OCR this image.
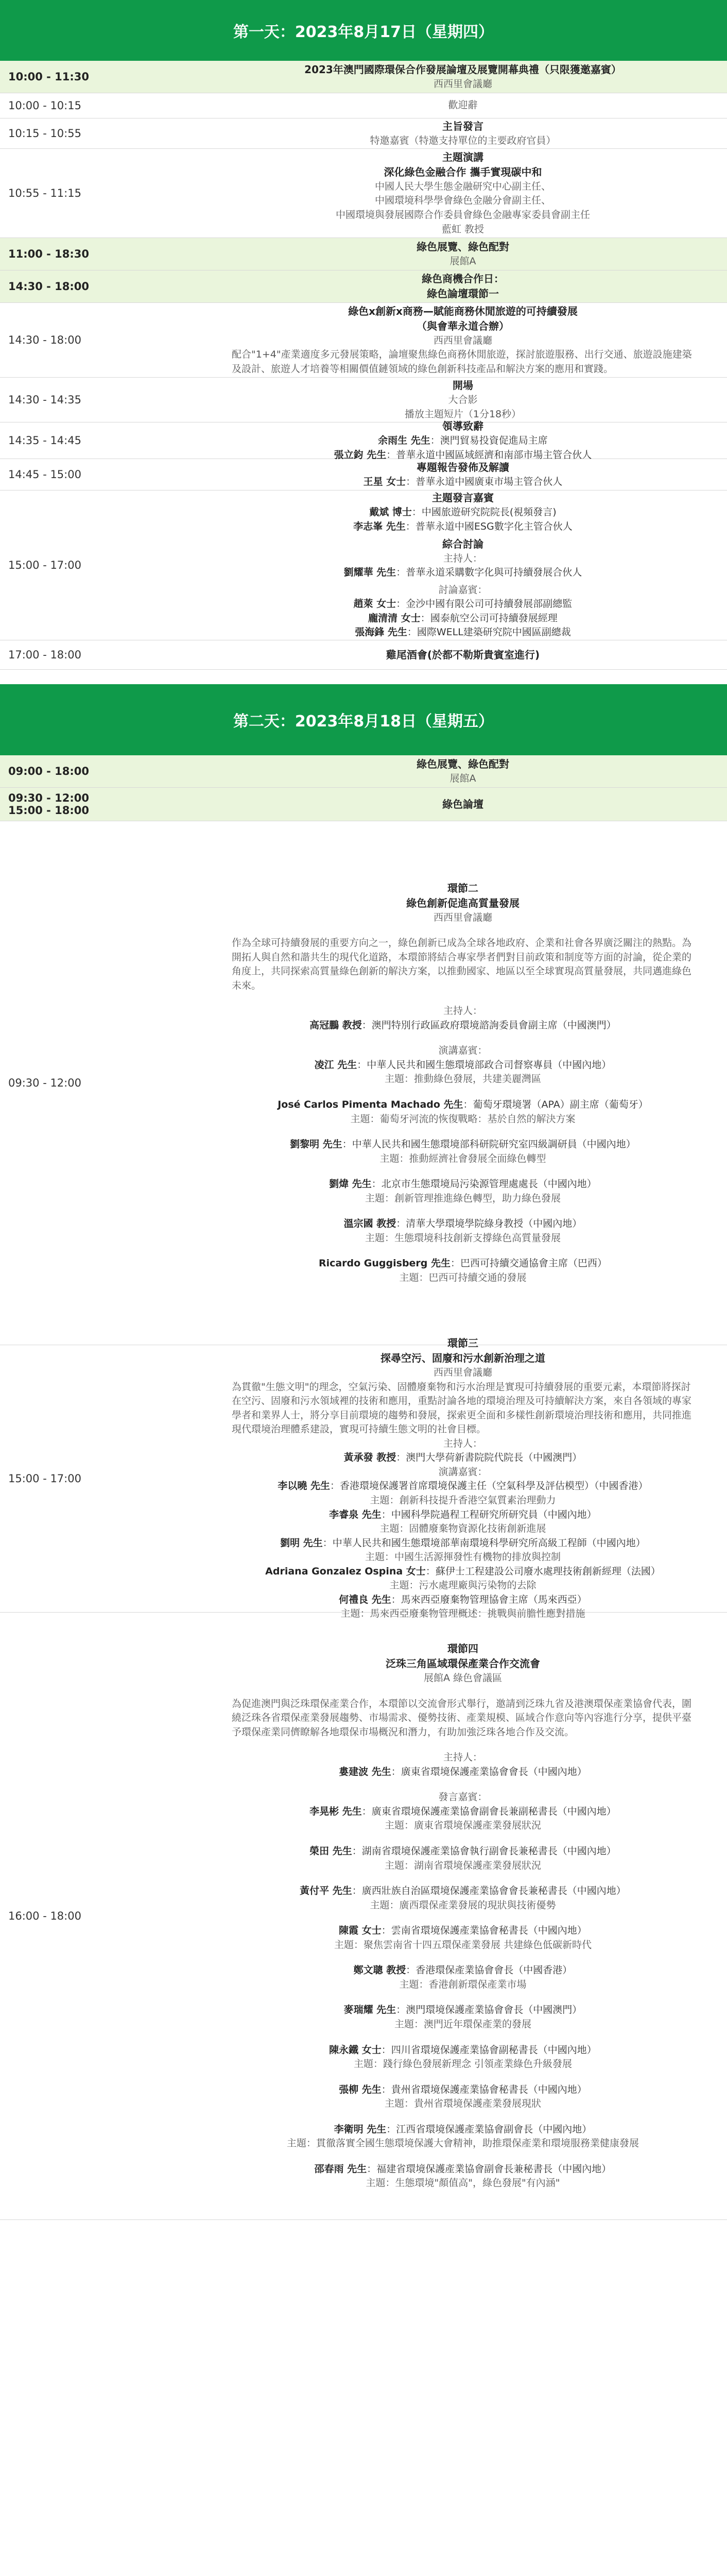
第一天：2023年8月17日（星期四）
10:00 - 11:30
2023年澳門國際環保合作發展論壇及展覽開幕典禮（只限獲邀嘉賓）
西西里會議廳
10:00 - 10:15	歡迎辭
10:15 - 10:55
主旨發言
特邀嘉賓（特邀支持單位的主要政府官員）
10:55 - 11:15
主題演講
深化綠色金融合作 攜手實現碳中和
中國人民大學生態金融研究中心副主任、
中國環境科學學會綠色金融分會副主任、
中國環境與發展國際合作委員會綠色金融專家委員會副主任
藍虹 教授
11:00 - 18:30
綠色展覽、綠色配對
展館A
14:30 - 18:00
綠色商機合作日：
綠色論壇環節一
14:30 - 18:00
綠色x創新x商務—賦能商務休閒旅遊的可持續發展
（與會華永道合辦）
西西里會議廳
配合"1+4"產業適度多元發展策略，論壇聚焦綠色商務休閒旅遊，探討旅遊服務、出行交通、旅遊設施建築及設計、旅遊人才培養等相關價值鏈領域的綠色創新科技產品和解決方案的應用和實踐。
14:30 - 14:35
開場
大合影
播放主題短片（1分18秒）
14:35 - 14:45
領導致辭
余雨生 先生：澳門貿易投資促進局主席
張立鈞 先生：普華永道中國區域經濟和南部市場主管合伙人
14:45 - 15:00
專題報告發佈及解讀
王星 女士：普華永道中國廣東市場主管合伙人
15:00 - 17:00
主題發言嘉賓
戴斌 博士：中國旅遊研究院院長(視頻發言)
李志峯 先生：普華永道中國ESG數字化主管合伙人
綜合討論
主持人：
劉耀華 先生：普華永道采購數字化與可持續發展合伙人
討論嘉賓：
趙萊 女士：金沙中國有限公司可持續發展部副總監
龐清清 女士：國泰航空公司可持續發展經理
張海鋒 先生：國際WELL建築研究院中國區副總裁
17:00 - 18:00	雞尾酒會(於都不勒斯貴賓室進行)
第二天：2023年8月18日（星期五）
09:00 - 18:00
綠色展覽、綠色配對
展館A
09:30 - 12:00
15:00 - 18:00
綠色論壇
09:30 - 12:00
環節二
綠色創新促進高質量發展
西西里會議廳
作為全球可持續發展的重要方向之一，綠色創新已成為全球各地政府、企業和社會各界廣泛關注的熱點。為開拓人與自然和諧共生的現代化道路，本環節將結合專家學者們對目前政策和制度等方面的討論，從企業的角度上，共同探索高質量綠色創新的解決方案，以推動國家、地區以至全球實現高質量發展，共同邁進綠色未來。
主持人：
高冠鵬 教授：澳門特別行政區政府環境諮詢委員會副主席（中國澳門）
演講嘉賓：
凌江 先生：中華人民共和國生態環境部政合司督察專員（中國內地）
主題：推動綠色發展，共建美麗灣區
José Carlos Pimenta Machado 先生：葡萄牙環境署（APA）副主席（葡萄牙）
主題：葡萄牙河流的恢復戰略：基於自然的解決方案
劉黎明 先生：中華人民共和國生態環境部科研院研究室四級調研員（中國內地）
主題：推動經濟社會發展全面綠色轉型
劉煒 先生：北京市生態環境局污染源管理處處長（中國內地）
主題：創新管理推進綠色轉型，助力綠色發展
溫宗國 教授：清華大學環境學院綠身教授（中國內地）
主題：生態環境科技創新支撐綠色高質量發展
Ricardo Guggisberg 先生：巴西可持續交通協會主席（巴西）
主題：巴西可持續交通的發展
15:00 - 17:00
環節三
探尋空污、固廢和污水創新治理之道
西西里會議廳
為貫徹"生態文明"的理念，空氣污染、固體廢棄物和污水治理是實現可持續發展的重要元素，本環節將探討在空污、固廢和污水領域裡的技術和應用，重點討論各地的環境治理及可持續解決方案，來自各領域的專家學者和業界人士，將分享目前環境的趨勢和發展，探索更全面和多樣性創新環境治理技術和應用，共同推進現代環境治理體系建設，實現可持續生態文明的社會目標。
主持人：
黃承發 教授：澳門大學荷新書院院代院長（中國澳門）
演講嘉賓：
李以曉 先生：香港環境保護署首席環境保護主任（空氣科學及評估模型）（中國香港）
主題：創新科技提升香港空氣質素治理動力
李睿泉 先生：中國科學院過程工程研究所研究員（中國內地）
主題：固體廢棄物資源化技術創新進展
劉明 先生：中華人民共和國生態環境部華南環境科學研究所高級工程師（中國內地）
主題：中國生活源揮發性有機物的排放與控制
Adriana Gonzalez Ospina 女士：蘇伊士工程建設公司廢水處理技術創新經理（法國）
主題：污水處理廠與污染物的去除
何禮良 先生：馬來西亞廢棄物管理協會主席（馬來西亞）
主題：馬來西亞廢棄物管理概述：挑戰與前膽性應對措施
16:00 - 18:00
環節四
泛珠三角區域環保產業合作交流會
展館A 綠色會議區
為促進澳門與泛珠環保產業合作，本環節以交流會形式舉行，邀請到泛珠九省及港澳環保產業協會代表，圍繞泛珠各省環保產業發展趨勢、市場需求、優勢技術、產業規模、區域合作意向等內容進行分享，提供平臺予環保產業同儕瞭解各地環保市場概況和潛力，有助加強泛珠各地合作及交流。
主持人：
婁建波 先生：廣東省環境保護產業協會會長（中國內地）
發言嘉賓：
李晃彬 先生：廣東省環境保護產業協會副會長兼副秘書長（中國內地）
主題：廣東省環境保護產業發展狀況
榮田 先生：湖南省環境保護產業協會執行副會長兼秘書長（中國內地）
主題：湖南省環境保護產業發展狀況
黃付平 先生：廣西壯族自治區環境保護產業協會會長兼秘書長（中國內地）
主題：廣西環保產業發展的現狀與技術優勢
陳霞 女士：雲南省環境保護產業協會秘書長（中國內地）
主題：聚焦雲南省十四五環保產業發展 共建綠色低碳新時代
鄭文聰 教授：香港環保產業協會會長（中國香港）
主題：香港創新環保產業市場
麥瑞耀 先生：澳門環境保護產業協會會長（中國澳門）
主題：澳門近年環保產業的發展
陳永鐵 女士：四川省環境保護產業協會副秘書長（中國內地）
主題：踐行綠色發展新理念 引領產業綠色升級發展
張柳 先生：貴州省環境保護產業協會秘書長（中國內地）
主題：貴州省環境保護產業發展現狀
李衛明 先生：江西省環境保護產業協會副會長（中國內地）
主題：貫徹落實全國生態環境保護大會精神，助推環保產業和環境服務業健康發展
邵春雨 先生：福建省環境保護產業協會副會長兼秘書長（中國內地）
主題：生態環境"顏值高"，綠色發展"有內涵"
